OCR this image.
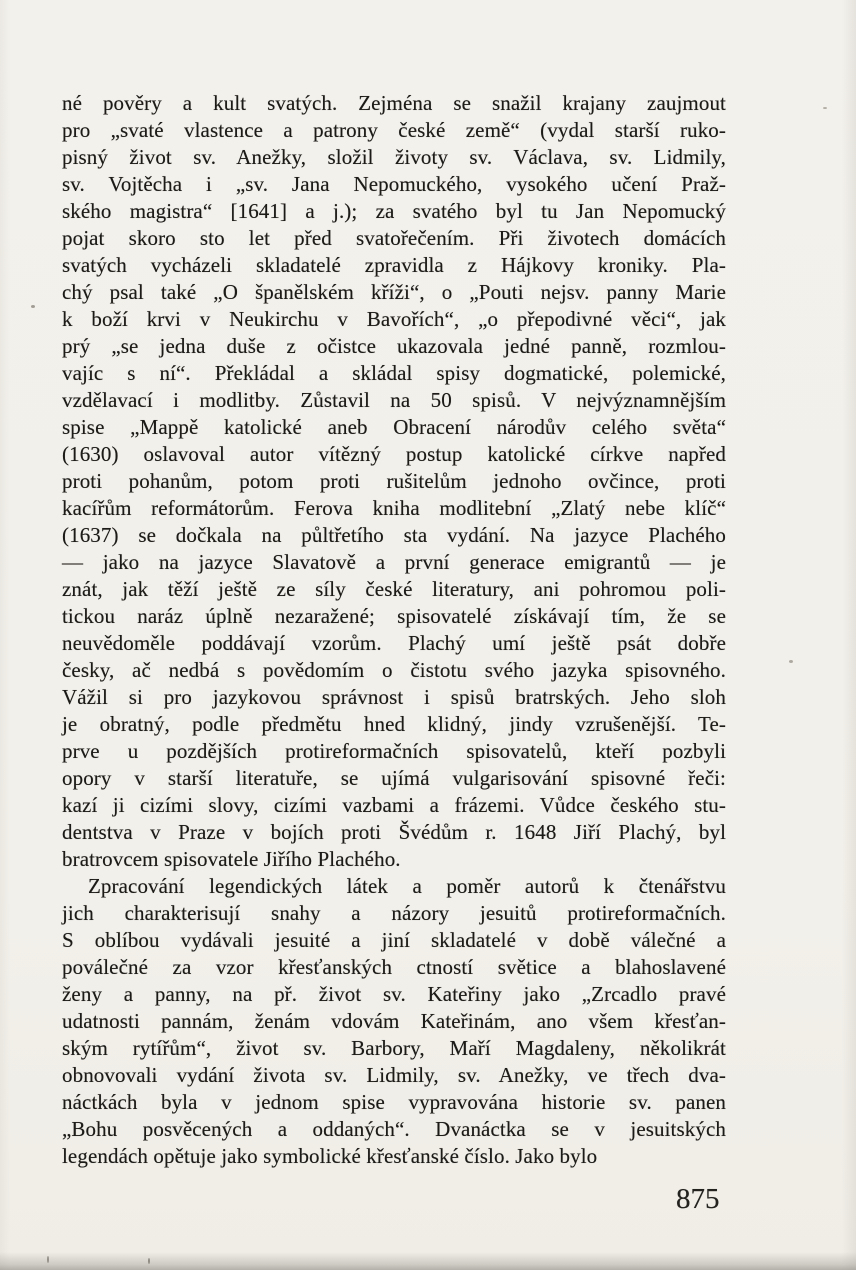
né pověry a kult svatých. Zejména se snažil krajany zaujmout
pro „svaté vlastence a patrony české země“ (vydal starší ruko-
pisný život sv. Anežky, složil životy sv. Václava, sv. Lidmily,
sv. Vojtěcha i „sv. Jana Nepomuckého, vysokého učení Praž-
ského magistra“ [1641] a j.); za svatého byl tu Jan Nepomucký
pojat skoro sto let před svatořečením. Při životech domácích
svatých vycházeli skladatelé zpravidla z Hájkovy kroniky. Pla-
chý psal také „O španělském kříži“, o „Pouti nejsv. panny Marie
k boží krvi v Neukirchu v Bavořích“, „o přepodivné věci“, jak
prý „se jedna duše z očistce ukazovala jedné panně, rozmlou-
vajíc s ní“. Překládal a skládal spisy dogmatické, polemické,
vzdělavací i modlitby. Zůstavil na 50 spisů. V nejvýznamnějším
spise „Mappě katolické aneb Obracení národův celého světa“
(1630) oslavoval autor vítězný postup katolické církve napřed
proti pohanům, potom proti rušitelům jednoho ovčince, proti
kacířům reformátorům. Ferova kniha modlitební „Zlatý nebe klíč“
(1637) se dočkala na půltřetího sta vydání. Na jazyce Plachého
— jako na jazyce Slavatově a první generace emigrantů — je
znát, jak těží ještě ze síly české literatury, ani pohromou poli-
tickou naráz úplně nezaražené; spisovatelé získávají tím, že se
neuvědoměle poddávají vzorům. Plachý umí ještě psát dobře
česky, ač nedbá s povědomím o čistotu svého jazyka spisovného.
Vážil si pro jazykovou správnost i spisů bratrských. Jeho sloh
je obratný, podle předmětu hned klidný, jindy vzrušenější. Te-
prve u pozdějších protireformačních spisovatelů, kteří pozbyli
opory v starší literatuře, se ujímá vulgarisování spisovné řeči:
kazí ji cizími slovy, cizími vazbami a frázemi. Vůdce českého stu-
dentstva v Praze v bojích proti Švédům r. 1648 Jiří Plachý, byl
bratrovcem spisovatele Jiřího Plachého.
Zpracování legendických látek a poměr autorů k čtenářstvu
jich charakterisují snahy a názory jesuitů protireformačních.
S oblíbou vydávali jesuité a jiní skladatelé v době válečné a
poválečné za vzor křesťanských ctností světice a blahoslavené
ženy a panny, na př. život sv. Kateřiny jako „Zrcadlo pravé
udatnosti pannám, ženám vdovám Kateřinám, ano všem křesťan-
ským rytířům“, život sv. Barbory, Maří Magdaleny, několikrát
obnovovali vydání života sv. Lidmily, sv. Anežky, ve třech dva-
náctkách byla v jednom spise vypravována historie sv. panen
„Bohu posvěcených a oddaných“. Dvanáctka se v jesuitských
legendách opětuje jako symbolické křesťanské číslo. Jako bylo
875
